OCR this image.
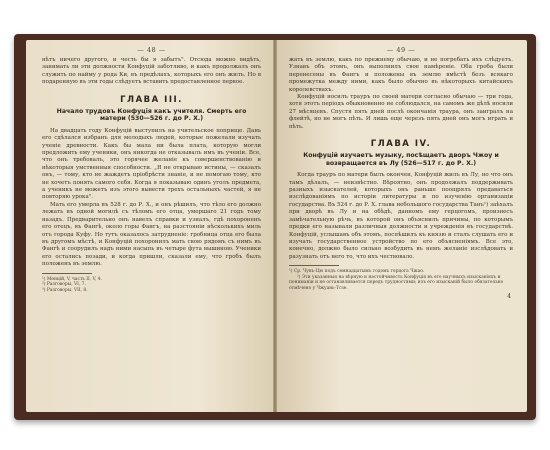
— 48 —

нѣтъ ничего другого, и честь бы я забытъ". Отсюда можно видѣть, занимать ли эти должности Конфуцій заботливо, и какъ продолжалъ онъ служить по найму у рода Ки, въ предѣлахъ, которыхъ его онъ жилъ. Но в подаренную въ эти годы слѣдуетъ вставить предоставленное первое.

ГЛАВА III.
Начало трудовъ Конфуція какъ учителя. Смерть его матери (530—526 г. до Р. Х.)

На двадцать году Конфуцій выступилъ на учительское поприще. Дань его сдѣлался избранъ для молодыхъ людей, которые пожелали изучать ученіе древности. Какъ бы мала ни была плата, которую могли предложить ему ученики, онъ никогда не отказывалъ имъ въ ученіи. Все, что онъ требовалъ, это горячее желаніе къ совершенствованію и нѣкоторыя умственныя способности. „Я не открываю истины, — сказалъ онъ, — тому, кто не жаждетъ пріобрѣсти знаніе, и не помогаю тому, кто не хочетъ понять самого себя. Когда я показываю одинъ уголъ предмета, а ученикъ не можетъ изъ этого вывести трехъ остальныхъ частей, я не повторяю урока".

Мать его умерла въ 528 г. до Р. Х., и онъ рѣшилъ, что тѣло его должно лежать въ одной могилѣ съ тѣломъ его отца, умершаго 21 годъ тому назадъ. Предварительно онъ навелъ справки и узналъ, гдѣ похороненъ его отецъ, въ Фангѣ, около горы Фангъ, на разстояніи нѣсколькихъ миль отъ города Куфу. Но тутъ оказалось затрудненіе: гробница отца его была въ другомъ мѣстѣ, и Конфуцій похоронилъ мать свою рядомъ съ нимъ въ Фангѣ и соорудилъ надъ ними насыпь въ четыре фута вышиною. Ученики его остались позади, и когда пришли, сказали ему, что гробъ былъ положенъ въ землю.

¹) Менцій, V, часть II, V, 4.

²) Разговоры, VI, 7.

³) Разговоры, VII, 8.

— 49 —

жать въ землю, какъ по прежнему обычаю, и не погребать ихъ слѣдуетъ. Узнавъ объ этомъ, онъ выполнилъ свое намѣреніе. Оба гроба были перенесены въ Фангъ и положены въ землю вмѣстѣ безъ всякаго промежутка между ними, какъ было обычно въ нѣкоторыхъ китайскихъ королевствахъ.

Конфуцій носилъ трауръ по своей матери согласно обычаю — три года, хотя этотъ періодъ обыкновенно не соблюдался, на самомъ же дѣлѣ носили 27 мѣсяцевъ. Спустя пять дней послѣ окончанія траура, онъ заигралъ на флейтѣ, но не могъ пѣть. И лишь еще черезъ пять дней онъ могъ играть и пѣть.

ГЛАВА IV.
Конфуцій изучаетъ музыку, посѣщаетъ дворъ Чжоу и возвращается въ Лу (526—517 г. до Р. Х.)

Когда трауръ по матери былъ окончен, Конфуцій жилъ въ Лу, но что онъ тамъ дѣлалъ, — неизвѣстно. Вѣроятно, онъ продолжалъ поддерживать разныхъ изыскателей, которыхъ онъ раньше поощрялъ предаваться изслѣдованіямъ по исторіи литературы и по изученію организаціи государства. Въ 524 г. до Р. Х. глава небольшого государства Танъ¹) заѣхалъ при дворѣ въ Лу и на обѣдѣ, данномъ ему герцогомъ, произнесъ замѣчательную рѣчь, въ которой онъ объяснилъ причины, по которымъ предки его называли различныя должности и учрежденія въ государствѣ. Конфуцій, услышавъ объ этомъ, поспѣшилъ къ князю и сталъ слушать его и изучать государственное устройство по его объясненіямъ. Все это, конечно, должно было сильно возбудить въ немъ желаніе изслѣдовать и разузнать отъ него то, что ихъ чествовало.

¹) Ср. Чунь-Цю подъ семнадцатымъ годомъ герцога Чжао.

²) Эти указанныя на вѣрную и настойчивость Конфуція въ его научныхъ изысканіяхъ и пониманіи и не останавливается передъ трудностями; изъ его изысканій было обязательно отмѣчено у Чжуань-Тсзе.

4
